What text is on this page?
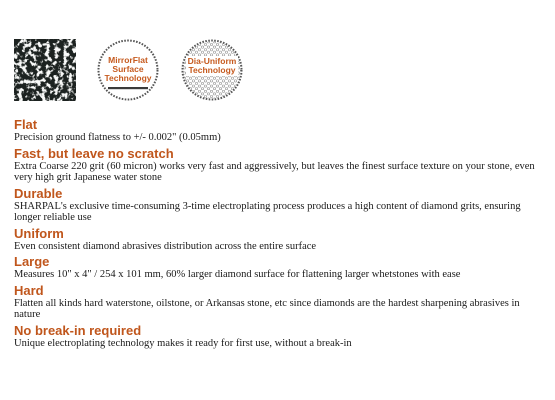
MirrorFlat
Surface
Technology
Dia-Uniform
Technology

Flat

Precision ground flatness to +/- 0.002" (0.05mm)

Fast, but leave no scratch

Extra Coarse 220 grit (60 micron) works very fast and aggressively, but leaves the finest surface texture on your stone, even very high grit Japanese water stone

Durable

SHARPAL's exclusive time-consuming 3-time electroplating process produces a high content of diamond grits, ensuring longer reliable use

Uniform

Even consistent diamond abrasives distribution across the entire surface

Large

Measures 10" x 4" / 254 x 101 mm, 60% larger diamond surface for flattening larger whetstones with ease

Hard

Flatten all kinds hard waterstone, oilstone, or Arkansas stone, etc since diamonds are the hardest sharpening abrasives in nature

No break-in required

Unique electroplating technology makes it ready for first use, without a break-in
